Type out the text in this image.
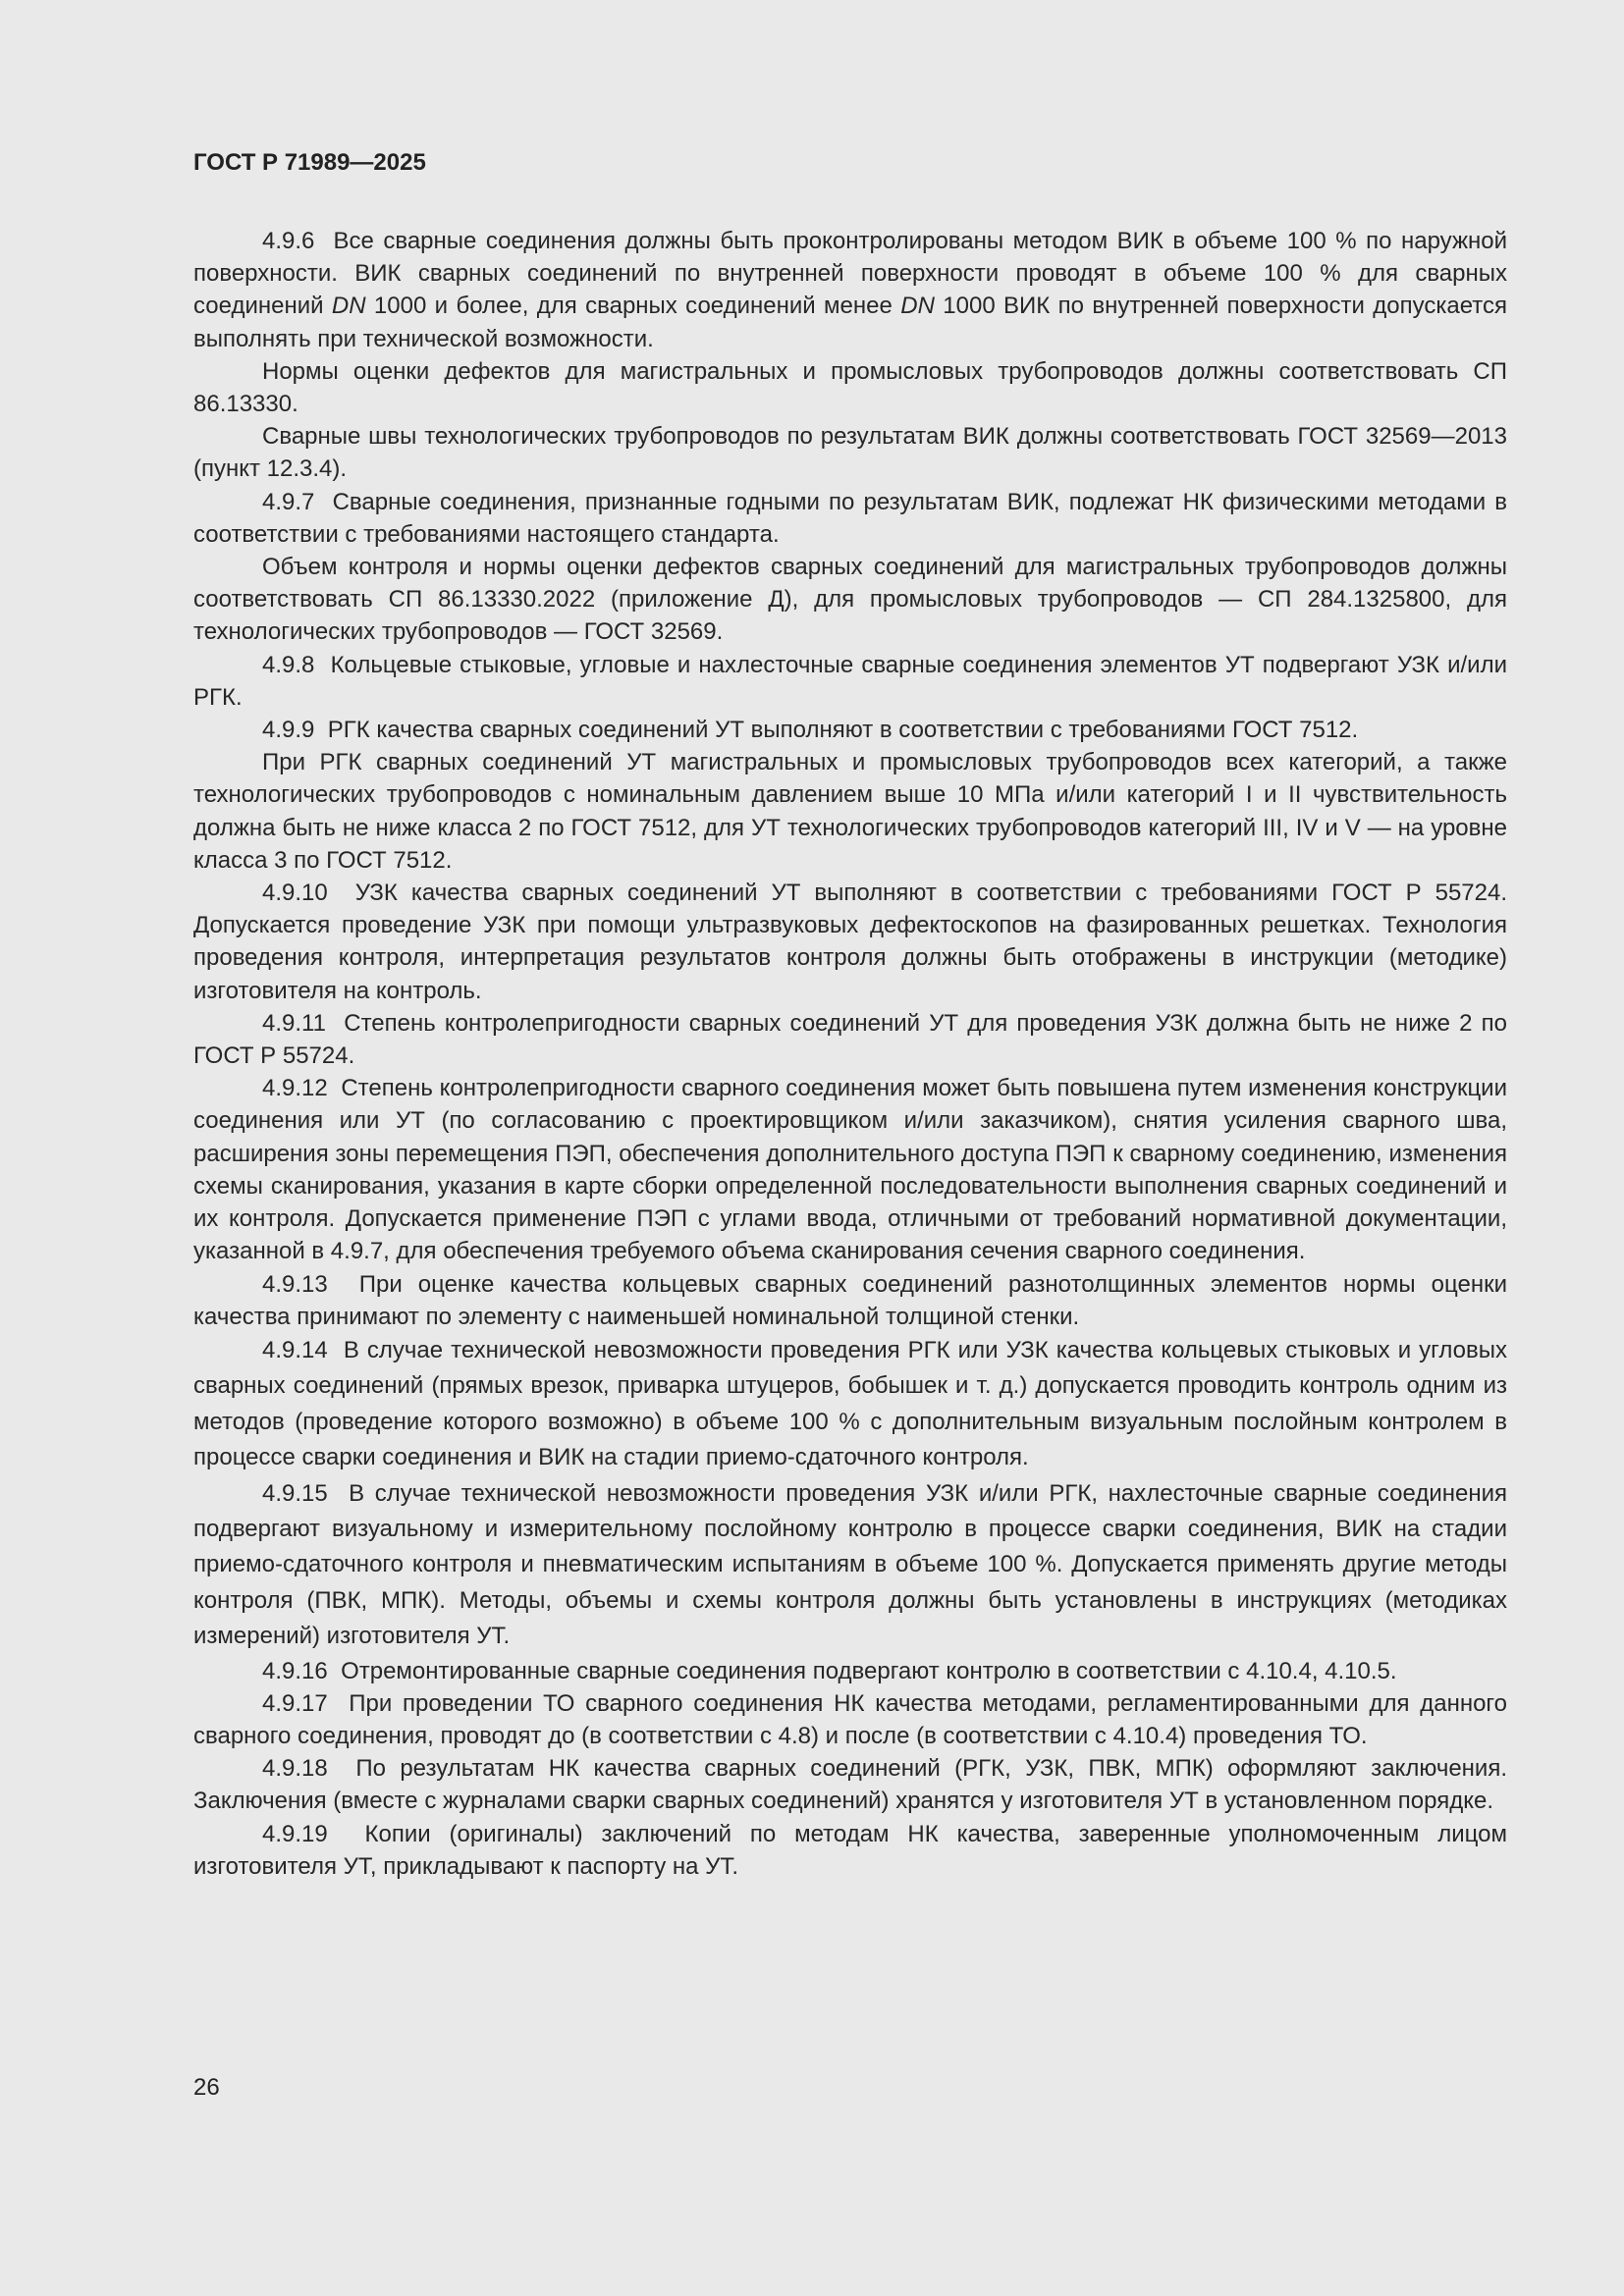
ГОСТ Р 71989—2025

4.9.6 Все сварные соединения должны быть проконтролированы методом ВИК в объеме 100 % по наружной поверхности. ВИК сварных соединений по внутренней поверхности проводят в объеме 100 % для сварных соединений DN 1000 и более, для сварных соединений менее DN 1000 ВИК по внутренней поверхности допускается выполнять при технической возможности.

Нормы оценки дефектов для магистральных и промысловых трубопроводов должны соответствовать СП 86.13330.

Сварные швы технологических трубопроводов по результатам ВИК должны соответствовать ГОСТ 32569—2013 (пункт 12.3.4).

4.9.7 Сварные соединения, признанные годными по результатам ВИК, подлежат НК физическими методами в соответствии с требованиями настоящего стандарта.

Объем контроля и нормы оценки дефектов сварных соединений для магистральных трубопроводов должны соответствовать СП 86.13330.2022 (приложение Д), для промысловых трубопроводов — СП 284.1325800, для технологических трубопроводов — ГОСТ 32569.

4.9.8 Кольцевые стыковые, угловые и нахлесточные сварные соединения элементов УТ подвергают УЗК и/или РГК.

4.9.9 РГК качества сварных соединений УТ выполняют в соответствии с требованиями ГОСТ 7512.

При РГК сварных соединений УТ магистральных и промысловых трубопроводов всех категорий, а также технологических трубопроводов с номинальным давлением выше 10 МПа и/или категорий I и II чувствительность должна быть не ниже класса 2 по ГОСТ 7512, для УТ технологических трубопроводов категорий III, IV и V — на уровне класса 3 по ГОСТ 7512.

4.9.10 УЗК качества сварных соединений УТ выполняют в соответствии с требованиями ГОСТ Р 55724. Допускается проведение УЗК при помощи ультразвуковых дефектоскопов на фазированных решетках. Технология проведения контроля, интерпретация результатов контроля должны быть отображены в инструкции (методике) изготовителя на контроль.

4.9.11 Степень контролепригодности сварных соединений УТ для проведения УЗК должна быть не ниже 2 по ГОСТ Р 55724.

4.9.12 Степень контролепригодности сварного соединения может быть повышена путем изменения конструкции соединения или УТ (по согласованию с проектировщиком и/или заказчиком), снятия усиления сварного шва, расширения зоны перемещения ПЭП, обеспечения дополнительного доступа ПЭП к сварному соединению, изменения схемы сканирования, указания в карте сборки определенной последовательности выполнения сварных соединений и их контроля. Допускается применение ПЭП с углами ввода, отличными от требований нормативной документации, указанной в 4.9.7, для обеспечения требуемого объема сканирования сечения сварного соединения.

4.9.13 При оценке качества кольцевых сварных соединений разнотолщинных элементов нормы оценки качества принимают по элементу с наименьшей номинальной толщиной стенки.

4.9.14 В случае технической невозможности проведения РГК или УЗК качества кольцевых стыковых и угловых сварных соединений (прямых врезок, приварка штуцеров, бобышек и т. д.) допускается проводить контроль одним из методов (проведение которого возможно) в объеме 100 % с дополнительным визуальным послойным контролем в процессе сварки соединения и ВИК на стадии приемо-сдаточного контроля.

4.9.15 В случае технической невозможности проведения УЗК и/или РГК, нахлесточные сварные соединения подвергают визуальному и измерительному послойному контролю в процессе сварки соединения, ВИК на стадии приемо-сдаточного контроля и пневматическим испытаниям в объеме 100 %. Допускается применять другие методы контроля (ПВК, МПК). Методы, объемы и схемы контроля должны быть установлены в инструкциях (методиках измерений) изготовителя УТ.

4.9.16 Отремонтированные сварные соединения подвергают контролю в соответствии с 4.10.4, 4.10.5.

4.9.17 При проведении ТО сварного соединения НК качества методами, регламентированными для данного сварного соединения, проводят до (в соответствии с 4.8) и после (в соответствии с 4.10.4) проведения ТО.

4.9.18 По результатам НК качества сварных соединений (РГК, УЗК, ПВК, МПК) оформляют заключения. Заключения (вместе с журналами сварки сварных соединений) хранятся у изготовителя УТ в установленном порядке.

4.9.19 Копии (оригиналы) заключений по методам НК качества, заверенные уполномоченным лицом изготовителя УТ, прикладывают к паспорту на УТ.

26
